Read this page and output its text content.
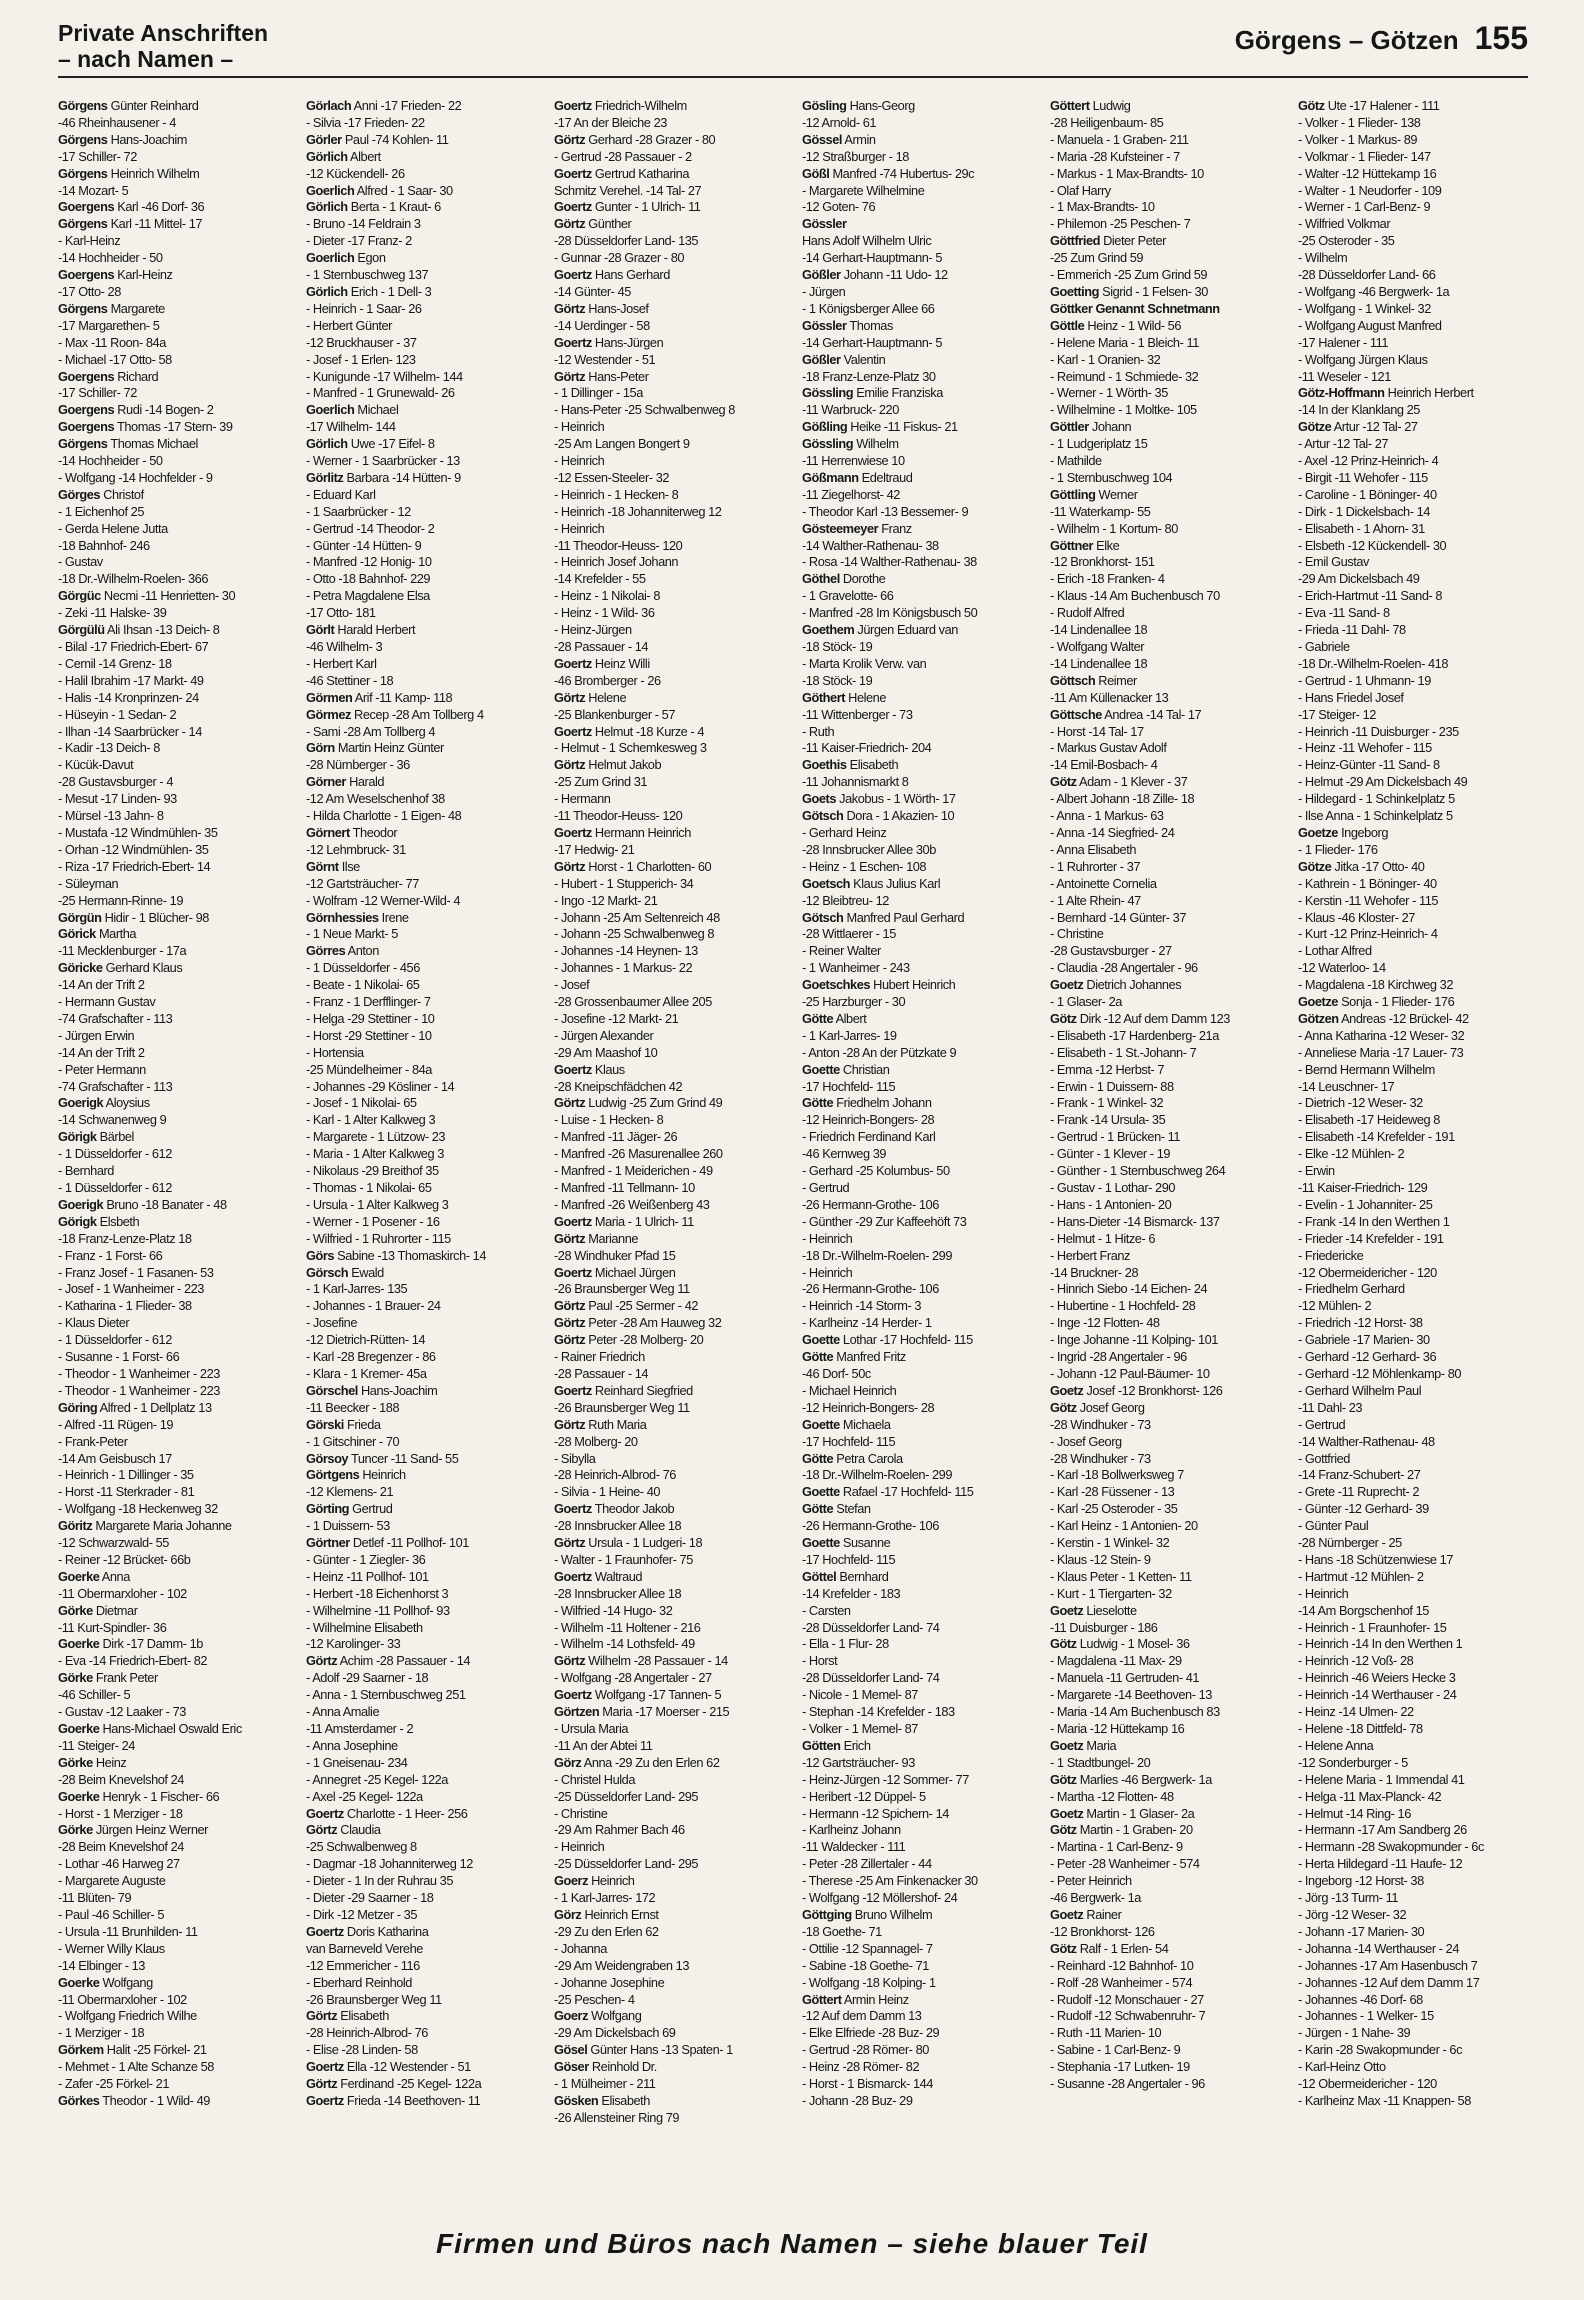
Private Anschriften
– nach Namen –
Görgens – Götzen 155
Görgens Günter Reinhard
-46 Rheinhausener - 4
Görgens Hans-Joachim
-17 Schiller- 72
Görgens Heinrich Wilhelm
-14 Mozart- 5
Goergens Karl -46 Dorf- 36
Görgens Karl -11 Mittel- 17
- Karl-Heinz
-14 Hochheider - 50
Goergens Karl-Heinz
-17 Otto- 28
Görgens Margarete
-17 Margarethen- 5
- Max -11 Roon- 84a
- Michael -17 Otto- 58
Goergens Richard
-17 Schiller- 72
Goergens Rudi -14 Bogen- 2
Goergens Thomas -17 Stern- 39
Görgens Thomas Michael
-14 Hochheider - 50
- Wolfgang -14 Hochfelder - 9
Görges Christof
- 1 Eichenhof 25
- Gerda Helene Jutta
-18 Bahnhof- 246
- Gustav
-18 Dr.-Wilhelm-Roelen- 366
Görgüc Necmi -11 Henrietten- 30
- Zeki -11 Halske- 39
Görgülü Ali Ihsan -13 Deich- 8
- Bilal -17 Friedrich-Ebert- 67
- Cemil -14 Grenz- 18
- Halil Ibrahim -17 Markt- 49
- Halis -14 Kronprinzen- 24
- Hüseyin - 1 Sedan- 2
- Ilhan -14 Saarbrücker - 14
- Kadir -13 Deich- 8
- Kücük-Davut
-28 Gustavsburger - 4
- Mesut -17 Linden- 93
- Mürsel -13 Jahn- 8
- Mustafa -12 Windmühlen- 35
- Orhan -12 Windmühlen- 35
- Riza -17 Friedrich-Ebert- 14
- Süleyman
-25 Hermann-Rinne- 19
Görgün Hidir - 1 Blücher- 98
Görick Martha
-11 Mecklenburger - 17a
Göricke Gerhard Klaus
-14 An der Trift 2
- Hermann Gustav
-74 Grafschafter - 113
- Jürgen Erwin
-14 An der Trift 2
- Peter Hermann
-74 Grafschafter - 113
Goerigk Aloysius
-14 Schwanenweg 9
Görigk Bärbel
- 1 Düsseldorfer - 612
- Bernhard
- 1 Düsseldorfer - 612
Goerigk Bruno -18 Banater - 48
Görigk Elsbeth
-18 Franz-Lenze-Platz 18
- Franz - 1 Forst- 66
- Franz Josef - 1 Fasanen- 53
- Josef - 1 Wanheimer - 223
- Katharina - 1 Flieder- 38
- Klaus Dieter
- 1 Düsseldorfer - 612
- Susanne - 1 Forst- 66
- Theodor - 1 Wanheimer - 223
- Theodor - 1 Wanheimer - 223
Göring Alfred - 1 Dellplatz 13
- Alfred -11 Rügen- 19
- Frank-Peter
-14 Am Geisbusch 17
- Heinrich - 1 Dillinger - 35
- Horst -11 Sterkrader - 81
- Wolfgang -18 Heckenweg 32
Göritz Margarete Maria Johanne
-12 Schwarzwald- 55
- Reiner -12 Brücket- 66b
Goerke Anna
-11 Obermarxloher - 102
Görke Dietmar
-11 Kurt-Spindler- 36
Goerke Dirk -17 Damm- 1b
- Eva -14 Friedrich-Ebert- 82
Görke Frank Peter
-46 Schiller- 5
- Gustav -12 Laaker - 73
Goerke Hans-Michael Oswald Eric
-11 Steiger- 24
Görke Heinz
-28 Beim Knevelshof 24
Goerke Henryk - 1 Fischer- 66
- Horst - 1 Merziger - 18
Görke Jürgen Heinz Werner
-28 Beim Knevelshof 24
- Lothar -46 Harweg 27
- Margarete Auguste
-11 Blüten- 79
- Paul -46 Schiller- 5
- Ursula -11 Brunhilden- 11
- Werner Willy Klaus
-14 Elbinger - 13
Goerke Wolfgang
-11 Obermarxloher - 102
- Wolfgang Friedrich Wilhe
- 1 Merziger - 18
Görkem Halit -25 Förkel- 21
- Mehmet - 1 Alte Schanze 58
- Zafer -25 Förkel- 21
Görkes Theodor - 1 Wild- 49
Görlach Anni -17 Frieden- 22
- Silvia -17 Frieden- 22
Görler Paul -74 Kohlen- 11
Görlich Albert
-12 Kückendell- 26
Goerlich Alfred - 1 Saar- 30
Görlich Berta - 1 Kraut- 6
- Bruno -14 Feldrain 3
- Dieter -17 Franz- 2
Goerlich Egon
- 1 Sternbuschweg 137
Görlich Erich - 1 Dell- 3
- Heinrich - 1 Saar- 26
- Herbert Günter
-12 Bruckhauser - 37
- Josef - 1 Erlen- 123
- Kunigunde -17 Wilhelm- 144
- Manfred - 1 Grunewald- 26
Goerlich Michael
-17 Wilhelm- 144
Görlich Uwe -17 Eifel- 8
- Werner - 1 Saarbrücker - 13
Görlitz Barbara -14 Hütten- 9
- Eduard Karl
- 1 Saarbrücker - 12
- Gertrud -14 Theodor- 2
- Günter -14 Hütten- 9
- Manfred -12 Honig- 10
- Otto -18 Bahnhof- 229
- Petra Magdalene Elsa
-17 Otto- 181
Görlt Harald Herbert
-46 Wilhelm- 3
- Herbert Karl
-46 Stettiner - 18
Görmen Arif -11 Kamp- 118
Görmez Recep -28 Am Tollberg 4
- Sami -28 Am Tollberg 4
Görn Martin Heinz Günter
-28 Nürnberger - 36
Görner Harald
-12 Am Weselschenhof 38
- Hilda Charlotte - 1 Eigen- 48
Görnert Theodor
-12 Lehmbruck- 31
Görnt Ilse
-12 Gartsträucher- 77
- Wolfram -12 Werner-Wild- 4
Görnhessies Irene
- 1 Neue Markt- 5
Görres Anton
- 1 Düsseldorfer - 456
- Beate - 1 Nikolai- 65
- Franz - 1 Derfflinger- 7
- Helga -29 Stettiner - 10
- Horst -29 Stettiner - 10
- Hortensia
-25 Mündelheimer - 84a
- Johannes -29 Kösliner - 14
- Josef - 1 Nikolai- 65
- Karl - 1 Alter Kalkweg 3
- Margarete - 1 Lützow- 23
- Maria - 1 Alter Kalkweg 3
- Nikolaus -29 Breithof 35
- Thomas - 1 Nikolai- 65
- Ursula - 1 Alter Kalkweg 3
- Werner - 1 Posener - 16
- Wilfried - 1 Ruhrorter - 115
Görs Sabine -13 Thomaskirch- 14
Görsch Ewald
- 1 Karl-Jarres- 135
- Johannes - 1 Brauer- 24
- Josefine
-12 Dietrich-Rütten- 14
- Karl -28 Bregenzer - 86
- Klara - 1 Kremer- 45a
Görschel Hans-Joachim
-11 Beecker - 188
Görski Frieda
- 1 Gitschiner - 70
Görsoy Tuncer -11 Sand- 55
Görtgens Heinrich
-12 Klemens- 21
Görting Gertrud
- 1 Duissern- 53
Görtner Detlef -11 Pollhof- 101
- Günter - 1 Ziegler- 36
- Heinz -11 Pollhof- 101
- Herbert -18 Eichenhorst 3
- Wilhelmine -11 Pollhof- 93
- Wilhelmine Elisabeth
-12 Karolinger- 33
Görtz Achim -28 Passauer - 14
- Adolf -29 Saarner - 18
- Anna - 1 Sternbuschweg 251
- Anna Amalie
-11 Amsterdamer - 2
- Anna Josephine
- 1 Gneisenau- 234
- Annegret -25 Kegel- 122a
- Axel -25 Kegel- 122a
Goertz Charlotte - 1 Heer- 256
Görtz Claudia
-25 Schwalbenweg 8
- Dagmar -18 Johanniterweg 12
- Dieter - 1 In der Ruhrau 35
- Dieter -29 Saarner - 18
- Dirk -12 Metzer - 35
Goertz Doris Katharina
van Barneveld Verehe
-12 Emmericher - 116
- Eberhard Reinhold
-26 Braunsberger Weg 11
Görtz Elisabeth
-28 Heinrich-Albrod- 76
- Elise -28 Linden- 58
Goertz Ella -12 Westender - 51
Görtz Ferdinand -25 Kegel- 122a
Goertz Frieda -14 Beethoven- 11
Goertz Friedrich-Wilhelm
-17 An der Bleiche 23
Görtz Gerhard -28 Grazer - 80
- Gertrud -28 Passauer - 2
Goertz Gertrud Katharina
Schmitz Verehel. -14 Tal- 27
Goertz Gunter - 1 Ulrich- 11
Görtz Günther
-28 Düsseldorfer Land- 135
- Gunnar -28 Grazer - 80
Goertz Hans Gerhard
-14 Günter- 45
Görtz Hans-Josef
-14 Uerdinger - 58
Goertz Hans-Jürgen
-12 Westender - 51
Görtz Hans-Peter
- 1 Dillinger - 15a
- Hans-Peter -25 Schwalbenweg 8
- Heinrich
-25 Am Langen Bongert 9
- Heinrich
-12 Essen-Steeler- 32
- Heinrich - 1 Hecken- 8
- Heinrich -18 Johanniterweg 12
- Heinrich
-11 Theodor-Heuss- 120
- Heinrich Josef Johann
-14 Krefelder - 55
- Heinz - 1 Nikolai- 8
- Heinz - 1 Wild- 36
- Heinz-Jürgen
-28 Passauer - 14
Goertz Heinz Willi
-46 Bromberger - 26
Görtz Helene
-25 Blankenburger - 57
Goertz Helmut -18 Kurze - 4
- Helmut - 1 Schemkesweg 3
Görtz Helmut Jakob
-25 Zum Grind 31
- Hermann
-11 Theodor-Heuss- 120
Goertz Hermann Heinrich
-17 Hedwig- 21
Görtz Horst - 1 Charlotten- 60
- Hubert - 1 Stupperich- 34
- Ingo -12 Markt- 21
- Johann -25 Am Seltenreich 48
- Johann -25 Schwalbenweg 8
- Johannes -14 Heynen- 13
- Johannes - 1 Markus- 22
- Josef
-28 Grossenbaumer Allee 205
- Josefine -12 Markt- 21
- Jürgen Alexander
-29 Am Maashof 10
Goertz Klaus
-28 Kneipschfädchen 42
Görtz Ludwig -25 Zum Grind 49
- Luise - 1 Hecken- 8
- Manfred -11 Jäger- 26
- Manfred -26 Masurenallee 260
- Manfred - 1 Meiderichen - 49
- Manfred -11 Tellmann- 10
- Manfred -26 Weißenberg 43
Goertz Maria - 1 Ulrich- 11
Görtz Marianne
-28 Windhuker Pfad 15
Goertz Michael Jürgen
-26 Braunsberger Weg 11
Görtz Paul -25 Sermer - 42
Görtz Peter -28 Am Hauweg 32
Görtz Peter -28 Molberg- 20
- Rainer Friedrich
-28 Passauer - 14
Goertz Reinhard Siegfried
-26 Braunsberger Weg 11
Görtz Ruth Maria
-28 Molberg- 20
- Sibylla
-28 Heinrich-Albrod- 76
- Silvia - 1 Heine- 40
Goertz Theodor Jakob
-28 Innsbrucker Allee 18
Görtz Ursula - 1 Ludgeri- 18
- Walter - 1 Fraunhofer- 75
Goertz Waltraud
-28 Innsbrucker Allee 18
- Wilfried -14 Hugo- 32
- Wilhelm -11 Holtener - 216
- Wilhelm -14 Lothsfeld- 49
Görtz Wilhelm -28 Passauer - 14
- Wolfgang -28 Angertaler - 27
Goertz Wolfgang -17 Tannen- 5
Görtzen Maria -17 Moerser - 215
- Ursula Maria
-11 An der Abtei 11
Görz Anna -29 Zu den Erlen 62
- Christel Hulda
-25 Düsseldorfer Land- 295
- Christine
-29 Am Rahmer Bach 46
- Heinrich
-25 Düsseldorfer Land- 295
Goerz Heinrich
- 1 Karl-Jarres- 172
Görz Heinrich Ernst
-29 Zu den Erlen 62
- Johanna
-29 Am Weidengraben 13
- Johanne Josephine
-25 Peschen- 4
Goerz Wolfgang
-29 Am Dickelsbach 69
Gösel Günter Hans -13 Spaten- 1
Göser Reinhold Dr.
- 1 Mülheimer - 211
Gösken Elisabeth
-26 Allensteiner Ring 79
Gösling Hans-Georg
-12 Arnold- 61
Gössel Armin
-12 Straßburger - 18
Gößl Manfred -74 Hubertus- 29c
- Margarete Wilhelmine
-12 Goten- 76
Gössler
Hans Adolf Wilhelm Ulric
-14 Gerhart-Hauptmann- 5
Gößler Johann -11 Udo- 12
- Jürgen
- 1 Königsberger Allee 66
Gössler Thomas
-14 Gerhart-Hauptmann- 5
Gößler Valentin
-18 Franz-Lenze-Platz 30
Gössling Emilie Franziska
-11 Warbruck- 220
Gößling Heike -11 Fiskus- 21
Gössling Wilhelm
-11 Herrenwiese 10
Gößmann Edeltraud
-11 Ziegelhorst- 42
- Theodor Karl -13 Bessemer- 9
Gösteemeyer Franz
-14 Walther-Rathenau- 38
- Rosa -14 Walther-Rathenau- 38
Göthel Dorothe
- 1 Gravelotte- 66
- Manfred -28 Im Königsbusch 50
Goethem Jürgen Eduard van
-18 Stöck- 19
- Marta Krolik Verw. van
-18 Stöck- 19
Göthert Helene
-11 Wittenberger - 73
- Ruth
-11 Kaiser-Friedrich- 204
Goethis Elisabeth
-11 Johannismarkt 8
Goets Jakobus - 1 Wörth- 17
Götsch Dora - 1 Akazien- 10
- Gerhard Heinz
-28 Innsbrucker Allee 30b
- Heinz - 1 Eschen- 108
Goetsch Klaus Julius Karl
-12 Bleibtreu- 12
Götsch Manfred Paul Gerhard
-28 Wittlaerer - 15
- Reiner Walter
- 1 Wanheimer - 243
Goetschkes Hubert Heinrich
-25 Harzburger - 30
Götte Albert
- 1 Karl-Jarres- 19
- Anton -28 An der Pützkate 9
Goette Christian
-17 Hochfeld- 115
Götte Friedhelm Johann
-12 Heinrich-Bongers- 28
- Friedrich Ferdinand Karl
-46 Kernweg 39
- Gerhard -25 Kolumbus- 50
- Gertrud
-26 Hermann-Grothe- 106
- Günther -29 Zur Kaffeehöft 73
- Heinrich
-18 Dr.-Wilhelm-Roelen- 299
- Heinrich
-26 Hermann-Grothe- 106
- Heinrich -14 Storm- 3
- Karlheinz -14 Herder- 1
Goette Lothar -17 Hochfeld- 115
Götte Manfred Fritz
-46 Dorf- 50c
- Michael Heinrich
-12 Heinrich-Bongers- 28
Goette Michaela
-17 Hochfeld- 115
Götte Petra Carola
-18 Dr.-Wilhelm-Roelen- 299
Goette Rafael -17 Hochfeld- 115
Götte Stefan
-26 Hermann-Grothe- 106
Goette Susanne
-17 Hochfeld- 115
Göttel Bernhard
-14 Krefelder - 183
- Carsten
-28 Düsseldorfer Land- 74
- Ella - 1 Flur- 28
- Horst
-28 Düsseldorfer Land- 74
- Nicole - 1 Memel- 87
- Stephan -14 Krefelder - 183
- Volker - 1 Memel- 87
Götten Erich
-12 Gartsträucher- 93
- Heinz-Jürgen -12 Sommer- 77
- Heribert -12 Düppel- 5
- Hermann -12 Spichern- 14
- Karlheinz Johann
-11 Waldecker - 111
- Peter -28 Zillertaler - 44
- Therese -25 Am Finkenacker 30
- Wolfgang -12 Möllershof- 24
Göttging Bruno Wilhelm
-18 Goethe- 71
- Ottilie -12 Spannagel- 7
- Sabine -18 Goethe- 71
- Wolfgang -18 Kolping- 1
Göttert Armin Heinz
-12 Auf dem Damm 13
- Elke Elfriede -28 Buz- 29
- Gertrud -28 Römer- 80
- Heinz -28 Römer- 82
- Horst - 1 Bismarck- 144
- Johann -28 Buz- 29
Göttert Ludwig
-28 Heiligenbaum- 85
- Manuela - 1 Graben- 211
- Maria -28 Kufsteiner - 7
- Markus - 1 Max-Brandts- 10
- Olaf Harry
- 1 Max-Brandts- 10
- Philemon -25 Peschen- 7
Göttfried Dieter Peter
-25 Zum Grind 59
- Emmerich -25 Zum Grind 59
Goetting Sigrid - 1 Felsen- 30
Göttker Genannt Schnetmann
Göttle Heinz - 1 Wild- 56
- Helene Maria - 1 Bleich- 11
- Karl - 1 Oranien- 32
- Reimund - 1 Schmiede- 32
- Werner - 1 Wörth- 35
- Wilhelmine - 1 Moltke- 105
Göttler Johann
- 1 Ludgeriplatz 15
- Mathilde
- 1 Sternbuschweg 104
Göttling Werner
-11 Waterkamp- 55
- Wilhelm - 1 Kortum- 80
Göttner Elke
-12 Bronkhorst- 151
- Erich -18 Franken- 4
- Klaus -14 Am Buchenbusch 70
- Rudolf Alfred
-14 Lindenallee 18
- Wolfgang Walter
-14 Lindenallee 18
Göttsch Reimer
-11 Am Küllenacker 13
Göttsche Andrea -14 Tal- 17
- Horst -14 Tal- 17
- Markus Gustav Adolf
-14 Emil-Bosbach- 4
Götz Adam - 1 Klever - 37
- Albert Johann -18 Zille- 18
- Anna - 1 Markus- 63
- Anna -14 Siegfried- 24
- Anna Elisabeth
- 1 Ruhrorter - 37
- Antoinette Cornelia
- 1 Alte Rhein- 47
- Bernhard -14 Günter- 37
- Christine
-28 Gustavsburger - 27
- Claudia -28 Angertaler - 96
Goetz Dietrich Johannes
- 1 Glaser- 2a
Götz Dirk -12 Auf dem Damm 123
- Elisabeth -17 Hardenberg- 21a
- Elisabeth - 1 St.-Johann- 7
- Emma -12 Herbst- 7
- Erwin - 1 Duissern- 88
- Frank - 1 Winkel- 32
- Frank -14 Ursula- 35
- Gertrud - 1 Brücken- 11
- Günter - 1 Klever - 19
- Günther - 1 Sternbuschweg 264
- Gustav - 1 Lothar- 290
- Hans - 1 Antonien- 20
- Hans-Dieter -14 Bismarck- 137
- Helmut - 1 Hitze- 6
- Herbert Franz
-14 Bruckner- 28
- Hinrich Siebo -14 Eichen- 24
- Hubertine - 1 Hochfeld- 28
- Inge -12 Flotten- 48
- Inge Johanne -11 Kolping- 101
- Ingrid -28 Angertaler - 96
- Johann -12 Paul-Bäumer- 10
Goetz Josef -12 Bronkhorst- 126
Götz Josef Georg
-28 Windhuker - 73
- Josef Georg
-28 Windhuker - 73
- Karl -18 Bollwerksweg 7
- Karl -28 Füssener - 13
- Karl -25 Osteroder - 35
- Karl Heinz - 1 Antonien- 20
- Kerstin - 1 Winkel- 32
- Klaus -12 Stein- 9
- Klaus Peter - 1 Ketten- 11
- Kurt - 1 Tiergarten- 32
Goetz Lieselotte
-11 Duisburger - 186
Götz Ludwig - 1 Mosel- 36
- Magdalena -11 Max- 29
- Manuela -11 Gertruden- 41
- Margarete -14 Beethoven- 13
- Maria -14 Am Buchenbusch 83
- Maria -12 Hüttekamp 16
Goetz Maria
- 1 Stadtbungel- 20
Götz Marlies -46 Bergwerk- 1a
- Martha -12 Flotten- 48
Goetz Martin - 1 Glaser- 2a
Götz Martin - 1 Graben- 20
- Martina - 1 Carl-Benz- 9
- Peter -28 Wanheimer - 574
- Peter Heinrich
-46 Bergwerk- 1a
Goetz Rainer
-12 Bronkhorst- 126
Götz Ralf - 1 Erlen- 54
- Reinhard -12 Bahnhof- 10
- Rolf -28 Wanheimer - 574
- Rudolf -12 Monschauer - 27
- Rudolf -12 Schwabenruhr- 7
- Ruth -11 Marien- 10
- Sabine - 1 Carl-Benz- 9
- Stephania -17 Lutken- 19
- Susanne -28 Angertaler - 96
Götz Ute -17 Halener - 111
- Volker - 1 Flieder- 138
- Volker - 1 Markus- 89
- Volkmar - 1 Flieder- 147
- Walter -12 Hüttekamp 16
- Walter - 1 Neudorfer - 109
- Werner - 1 Carl-Benz- 9
- Wilfried Volkmar
-25 Osteroder - 35
- Wilhelm
-28 Düsseldorfer Land- 66
- Wolfgang -46 Bergwerk- 1a
- Wolfgang - 1 Winkel- 32
- Wolfgang August Manfred
-17 Halener - 111
- Wolfgang Jürgen Klaus
-11 Weseler - 121
Götz-Hoffmann Heinrich Herbert
-14 In der Klanklang 25
Götze Artur -12 Tal- 27
- Artur -12 Tal- 27
- Axel -12 Prinz-Heinrich- 4
- Birgit -11 Wehofer - 115
- Caroline - 1 Böninger- 40
- Dirk - 1 Dickelsbach- 14
- Elisabeth - 1 Ahorn- 31
- Elsbeth -12 Kückendell- 30
- Emil Gustav
-29 Am Dickelsbach 49
- Erich-Hartmut -11 Sand- 8
- Eva -11 Sand- 8
- Frieda -11 Dahl- 78
- Gabriele
-18 Dr.-Wilhelm-Roelen- 418
- Gertrud - 1 Uhmann- 19
- Hans Friedel Josef
-17 Steiger- 12
- Heinrich -11 Duisburger - 235
- Heinz -11 Wehofer - 115
- Heinz-Günter -11 Sand- 8
- Helmut -29 Am Dickelsbach 49
- Hildegard - 1 Schinkelplatz 5
- Ilse Anna - 1 Schinkelplatz 5
Goetze Ingeborg
- 1 Flieder- 176
Götze Jitka -17 Otto- 40
- Kathrein - 1 Böninger- 40
- Kerstin -11 Wehofer - 115
- Klaus -46 Kloster- 27
- Kurt -12 Prinz-Heinrich- 4
- Lothar Alfred
-12 Waterloo- 14
- Magdalena -18 Kirchweg 32
Goetze Sonja - 1 Flieder- 176
Götzen Andreas -12 Brückel- 42
- Anna Katharina -12 Weser- 32
- Anneliese Maria -17 Lauer- 73
- Bernd Hermann Wilhelm
-14 Leuschner- 17
- Dietrich -12 Weser- 32
- Elisabeth -17 Heideweg 8
- Elisabeth -14 Krefelder - 191
- Elke -12 Mühlen- 2
- Erwin
-11 Kaiser-Friedrich- 129
- Evelin - 1 Johanniter- 25
- Frank -14 In den Werthen 1
- Frieder -14 Krefelder - 191
- Friedericke
-12 Obermeidericher - 120
- Friedhelm Gerhard
-12 Mühlen- 2
- Friedrich -12 Horst- 38
- Gabriele -17 Marien- 30
- Gerhard -12 Gerhard- 36
- Gerhard -12 Möhlenkamp- 80
- Gerhard Wilhelm Paul
-11 Dahl- 23
- Gertrud
-14 Walther-Rathenau- 48
- Gottfried
-14 Franz-Schubert- 27
- Grete -11 Ruprecht- 2
- Günter -12 Gerhard- 39
- Günter Paul
-28 Nürnberger - 25
- Hans -18 Schützenwiese 17
- Hartmut -12 Mühlen- 2
- Heinrich
-14 Am Borgschenhof 15
- Heinrich - 1 Fraunhofer- 15
- Heinrich -14 In den Werthen 1
- Heinrich -12 Voß- 28
- Heinrich -46 Weiers Hecke 3
- Heinrich -14 Werthauser - 24
- Heinz -14 Ulmen- 22
- Helene -18 Dittfeld- 78
- Helene Anna
-12 Sonderburger - 5
- Helene Maria - 1 Immendal 41
- Helga -11 Max-Planck- 42
- Helmut -14 Ring- 16
- Hermann -17 Am Sandberg 26
- Hermann -28 Swakopmunder - 6c
- Herta Hildegard -11 Haufe- 12
- Ingeborg -12 Horst- 38
- Jörg -13 Turm- 11
- Jörg -12 Weser- 32
- Johann -17 Marien- 30
- Johanna -14 Werthauser - 24
- Johannes -17 Am Hasenbusch 7
- Johannes -12 Auf dem Damm 17
- Johannes -46 Dorf- 68
- Johannes - 1 Welker- 15
- Jürgen - 1 Nahe- 39
- Karin -28 Swakopmunder - 6c
- Karl-Heinz Otto
-12 Obermeidericher - 120
- Karlheinz Max -11 Knappen- 58
Firmen und Büros nach Namen – siehe blauer Teil
